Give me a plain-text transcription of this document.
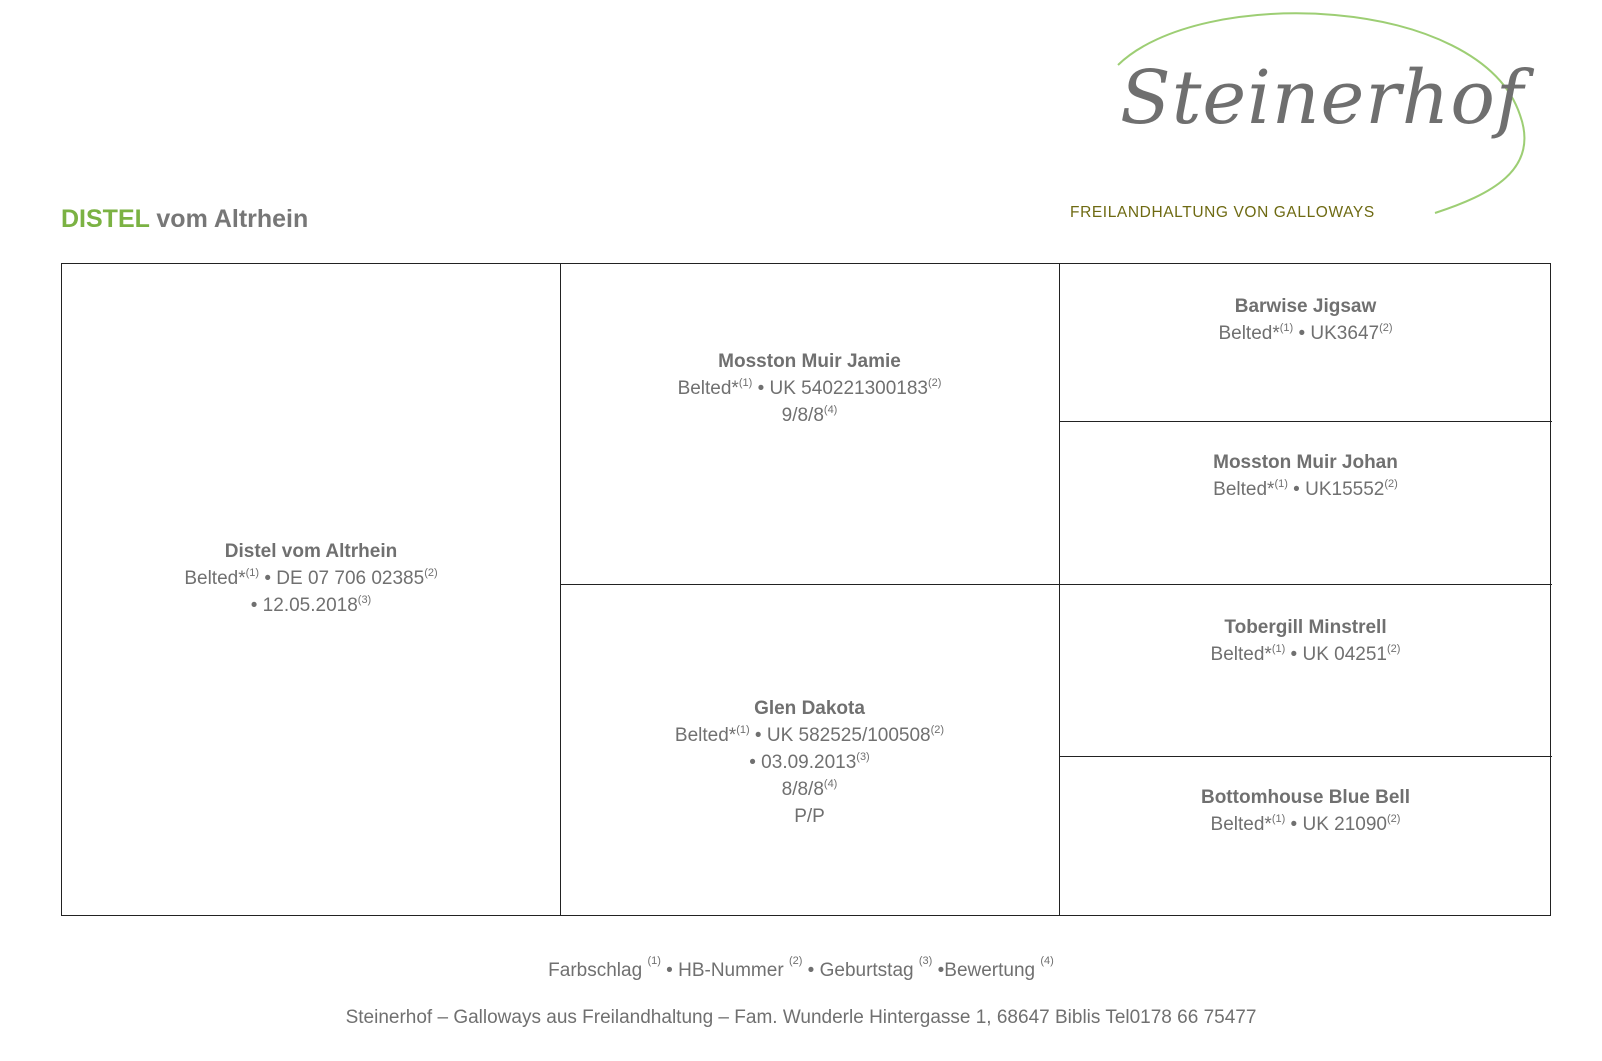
Steinerhof
FREILANDHALTUNG VON GALLOWAYS
DISTEL vom Altrhein
Distel vom Altrhein
Belted*$^{(1)}$ • DE 07 706 02385$^{(2)}$
• 12.05.2018$^{(3)}$
Mosston Muir Jamie
Belted*$^{(1)}$ • UK 540221300183$^{(2)}$
9/8/8$^{(4)}$
Glen Dakota
Belted*$^{(1)}$ • UK 582525/100508$^{(2)}$
• 03.09.2013$^{(3)}$
8/8/8$^{(4)}$
P/P
Barwise Jigsaw
Belted*$^{(1)}$ • UK3647$^{(2)}$
Mosston Muir Johan
Belted*$^{(1)}$ • UK15552$^{(2)}$
Tobergill Minstrell
Belted*$^{(1)}$ • UK 04251$^{(2)}$
Bottomhouse Blue Bell
Belted*$^{(1)}$ • UK 21090$^{(2)}$
Farbschlag $^{(1)}$ • HB-Nummer $^{(2)}$ • Geburtstag $^{(3)}$ •Bewertung $^{(4)}$
Steinerhof – Galloways aus Freilandhaltung – Fam. Wunderle Hintergasse 1, 68647 Biblis Tel0178 66 75477
